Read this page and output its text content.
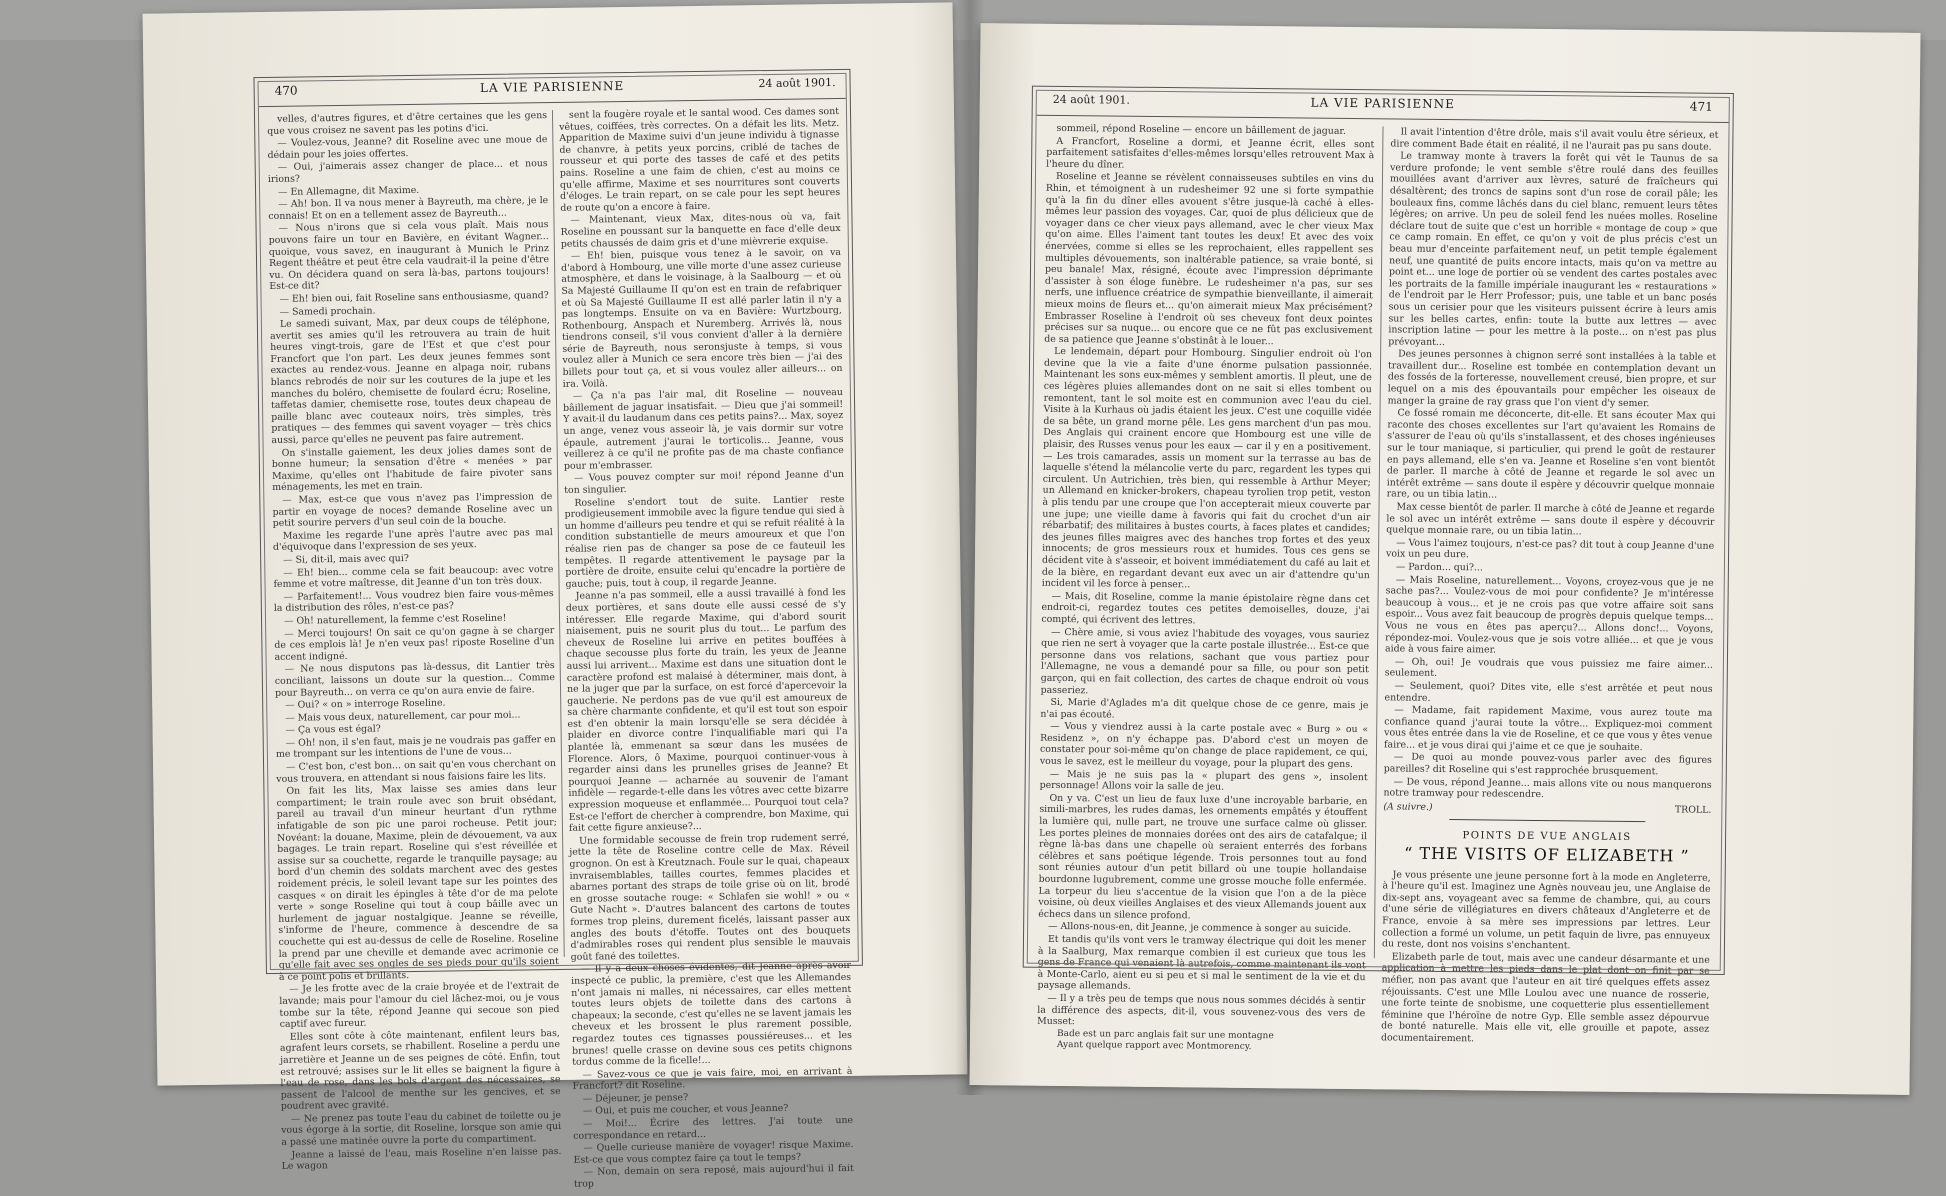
470	LA VIE PARISIENNE	24 août 1901.

velles, d'autres figures, et d'être certaines que les gens que vous croisez ne savent pas les potins d'ici.

— Voulez-vous, Jeanne? dit Roseline avec une moue de dédain pour les joies offertes.

— Oui, j'aimerais assez changer de place... et nous irions?

— En Allemagne, dit Maxime.

— Ah! bon. Il va nous mener à Bayreuth, ma chère, je le connais! Et on en a tellement assez de Bayreuth...

— Nous n'irons que si cela vous plaît. Mais nous pouvons faire un tour en Bavière, en évitant Wagner... quoique, vous savez, en inaugurant à Munich le Prinz Regent théâtre et peut être cela vaudrait-il la peine d'être vu. On décidera quand on sera là-bas, partons toujours! Est-ce dit?

— Eh! bien oui, fait Roseline sans enthousiasme, quand?

— Samedi prochain.

Le samedi suivant, Max, par deux coups de téléphone, avertit ses amies qu'il les retrouvera au train de huit heures vingt-trois, gare de l'Est et que c'est pour Francfort que l'on part. Les deux jeunes femmes sont exactes au rendez-vous. Jeanne en alpaga noir, rubans blancs rebrodés de noir sur les coutures de la jupe et les manches du boléro, chemisette de foulard écru; Roseline, taffetas damier, chemisette rose, toutes deux chapeau de paille blanc avec couteaux noirs, très simples, très pratiques — des femmes qui savent voyager — très chics aussi, parce qu'elles ne peuvent pas faire autrement.

On s'installe gaiement, les deux jolies dames sont de bonne humeur; la sensation d'être « menées » par Maxime, qu'elles ont l'habitude de faire pivoter sans ménagements, les met en train.

— Max, est-ce que vous n'avez pas l'impression de partir en voyage de noces? demande Roseline avec un petit sourire pervers d'un seul coin de la bouche.

Maxime les regarde l'une après l'autre avec pas mal d'équivoque dans l'expression de ses yeux.

— Si, dit-il, mais avec qui?

— Eh! bien... comme cela se fait beaucoup: avec votre femme et votre maîtresse, dit Jeanne d'un ton très doux.

— Parfaitement!... Vous voudrez bien faire vous-mêmes la distribution des rôles, n'est-ce pas?

— Oh! naturellement, la femme c'est Roseline!

— Merci toujours! On sait ce qu'on gagne à se charger de ces emplois là! Je n'en veux pas! riposte Roseline d'un accent indigné.

— Ne nous disputons pas là-dessus, dit Lantier très conciliant, laissons un doute sur la question... Comme pour Bayreuth... on verra ce qu'on aura envie de faire.

— Oui? « on » interroge Roseline.

— Mais vous deux, naturellement, car pour moi...

— Ça vous est égal?

— Oh! non, il s'en faut, mais je ne voudrais pas gaffer en me trompant sur les intentions de l'une de vous...

— C'est bon, c'est bon... on sait qu'en vous cherchant on vous trouvera, en attendant si nous faisions faire les lits.

On fait les lits, Max laisse ses amies dans leur compartiment; le train roule avec son bruit obsédant, pareil au travail d'un mineur heurtant d'un rythme infatigable de son pic une paroi rocheuse. Petit jour; Novéant: la douane, Maxime, plein de dévouement, va aux bagages. Le train repart. Roseline qui s'est réveillée et assise sur sa couchette, regarde le tranquille paysage; au bord d'un chemin des soldats marchent avec des gestes roidement précis, le soleil levant tape sur les pointes des casques « on dirait les épingles à tête d'or de ma pelote verte » songe Roseline qui tout à coup bâille avec un hurlement de jaguar nostalgique. Jeanne se réveille, s'informe de l'heure, commence à descendre de sa couchette qui est au-dessus de celle de Roseline. Roseline la prend par une cheville et demande avec acrimonie ce qu'elle fait avec ses ongles de ses pieds pour qu'ils soient à ce point polis et brillants.

— Je les frotte avec de la craie broyée et de l'extrait de lavande; mais pour l'amour du ciel lâchez-moi, ou je vous tombe sur la tête, répond Jeanne qui secoue son pied captif avec fureur.

Elles sont côte à côte maintenant, enfilent leurs bas, agrafent leurs corsets, se rhabillent. Roseline a perdu une jarretière et Jeanne un de ses peignes de côté. Enfin, tout est retrouvé; assises sur le lit elles se baignent la figure à l'eau de rose, dans les bols d'argent des nécessaires, se passent de l'alcool de menthe sur les gencives, et se poudrent avec gravité.

— Ne prenez pas toute l'eau du cabinet de toilette ou je vous égorge à la sortie, dit Roseline, lorsque son amie qui a passé une matinée ouvre la porte du compartiment.

Jeanne a laissé de l'eau, mais Roseline n'en laisse pas. Le wagon

sent la fougère royale et le santal wood. Ces dames sont vêtues, coiffées, très correctes. On a défait les lits. Metz. Apparition de Maxime suivi d'un jeune individu à tignasse de chanvre, à petits yeux porcins, criblé de taches de rousseur et qui porte des tasses de café et des petits pains. Roseline a une faim de chien, c'est au moins ce qu'elle affirme, Maxime et ses nourritures sont couverts d'éloges. Le train repart, on se cale pour les sept heures de route qu'on a encore à faire.

— Maintenant, vieux Max, dites-nous où va, fait Roseline en poussant sur la banquette en face d'elle deux petits chaussés de daim gris et d'une mièvrerie exquise.

— Eh! bien, puisque vous tenez à le savoir, on va d'abord à Hombourg, une ville morte d'une assez curieuse atmosphère, et dans le voisinage, à la Saalbourg — et où Sa Majesté Guillaume II qu'on est en train de refabriquer et où Sa Majesté Guillaume II est allé parler latin il n'y a pas longtemps. Ensuite on va en Bavière: Wurtzbourg, Rothenbourg, Anspach et Nuremberg. Arrivés là, nous tiendrons conseil, s'il vous convient d'aller à la dernière série de Bayreuth, nous seronsjuste à temps, si vous voulez aller à Munich ce sera encore très bien — j'ai des billets pour tout ça, et si vous voulez aller ailleurs... on ira. Voilà.

— Ça n'a pas l'air mal, dit Roseline — nouveau bâillement de jaguar insatisfait. — Dieu que j'ai sommeil! Y avait-il du laudanum dans ces petits pains?... Max, soyez un ange, venez vous asseoir là, je vais dormir sur votre épaule, autrement j'aurai le torticolis... Jeanne, vous veillerez à ce qu'il ne profite pas de ma chaste confiance pour m'embrasser.

— Vous pouvez compter sur moi! répond Jeanne d'un ton singulier.

Roseline s'endort tout de suite. Lantier reste prodigieusement immobile avec la figure tendue qui sied à un homme d'ailleurs peu tendre et qui se refuit réalité à la condition substantielle de meurs amoureux et que l'on réalise rien pas de changer sa pose de ce fauteuil les tempêtes. Il regarde attentivement le paysage par la portière de droite, ensuite celui qu'encadre la portière de gauche; puis, tout à coup, il regarde Jeanne.

Jeanne n'a pas sommeil, elle a aussi travaillé à fond les deux portières, et sans doute elle aussi cessé de s'y intéresser. Elle regarde Maxime, qui d'abord sourit niaisement, puis ne sourit plus du tout... Le parfum des cheveux de Roseline lui arrive en petites bouffées à chaque secousse plus forte du train, les yeux de Jeanne aussi lui arrivent... Maxime est dans une situation dont le caractère profond est malaisé à déterminer, mais dont, à ne la juger que par la surface, on est forcé d'apercevoir la gaucherie. Ne perdons pas de vue qu'il est amoureux de sa chère charmante confidente, et qu'il est tout son espoir est d'en obtenir la main lorsqu'elle se sera décidée à plaider en divorce contre l'inqualifiable mari qui l'a plantée là, emmenant sa sœur dans les musées de Florence. Alors, ô Maxime, pourquoi continuer-vous à regarder ainsi dans les prunelles grises de Jeanne? Et pourquoi Jeanne — acharnée au souvenir de l'amant infidèle — regarde-t-elle dans les vôtres avec cette bizarre expression moqueuse et enflammée... Pourquoi tout cela? Est-ce l'effort de chercher à comprendre, bon Maxime, qui fait cette figure anxieuse?...

Une formidable secousse de frein trop rudement serré, jette la tête de Roseline contre celle de Max. Réveil grognon. On est à Kreutznach. Foule sur le quai, chapeaux invraisemblables, tailles courtes, femmes placides et abarnes portant des straps de toile grise où on lit, brodé en grosse soutache rouge: « Schlafen sie wohl! » ou « Gute Nacht ». D'autres balancent des cartons de toutes formes trop pleins, durement ficelés, laissant passer aux angles des bouts d'étoffe. Toutes ont des bouquets d'admirables roses qui rendent plus sensible le mauvais goût fané des toilettes.

— Il y a deux choses évidentes, dit Jeanne après avoir inspecté ce public, la première, c'est que les Allemandes n'ont jamais ni malles, ni nécessaires, car elles mettent toutes leurs objets de toilette dans des cartons à chapeaux; la seconde, c'est qu'elles ne se lavent jamais les cheveux et les brossent le plus rarement possible, regardez toutes ces tignasses poussiéreuses... et les brunes! quelle crasse on devine sous ces petits chignons tordus comme de la ficelle!...

— Savez-vous ce que je vais faire, moi, en arrivant à Francfort? dit Roseline.

— Déjeuner, je pense?

— Oui, et puis me coucher, et vous Jeanne?

— Moi!... Écrire des lettres. J'ai toute une correspondance en retard...

— Quelle curieuse manière de voyager! risque Maxime. Est-ce que vous comptez faire ça tout le temps?

— Non, demain on sera reposé, mais aujourd'hui il fait trop

24 août 1901.	LA VIE PARISIENNE	471

sommeil, répond Roseline — encore un bâillement de jaguar.

A Francfort, Roseline a dormi, et Jeanne écrit, elles sont parfaitement satisfaites d'elles-mêmes lorsqu'elles retrouvent Max à l'heure du dîner.

Roseline et Jeanne se révèlent connaisseuses subtiles en vins du Rhin, et témoignent à un rudesheimer 92 une si forte sympathie qu'à la fin du dîner elles avouent s'être jusque-là caché à elles-mêmes leur passion des voyages. Car, quoi de plus délicieux que de voyager dans ce cher vieux pays allemand, avec le cher vieux Max qu'on aime. Elles l'aiment tant toutes les deux! Et avec des voix énervées, comme si elles se les reprochaient, elles rappellent ses multiples dévouements, son inaltérable patience, sa vraie bonté, si peu banale! Max, résigné, écoute avec l'impression déprimante d'assister à son éloge funèbre. Le rudesheimer n'a pas, sur ses nerfs, une influence créatrice de sympathie bienveillante, il aimerait mieux moins de fleurs et... qu'on aimerait mieux Max précisément? Embrasser Roseline à l'endroit où ses cheveux font deux pointes précises sur sa nuque... ou encore que ce ne fût pas exclusivement de sa patience que Jeanne s'obstinât à le louer...

Le lendemain, départ pour Hombourg. Singulier endroit où l'on devine que la vie a faite d'une énorme pulsation passionnée. Maintenant les sons eux-mêmes y semblent amortis. Il pleut, une de ces légères pluies allemandes dont on ne sait si elles tombent ou remontent, tant le sol moite est en communion avec l'eau du ciel. Visite à la Kurhaus où jadis étaient les jeux. C'est une coquille vidée de sa bête, un grand morne pêle. Les gens marchent d'un pas mou. Des Anglais qui crainent encore que Hombourg est une ville de plaisir, des Russes venus pour les eaux — car il y en a positivement. — Les trois camarades, assis un moment sur la terrasse au bas de laquelle s'étend la mélancolie verte du parc, regardent les types qui circulent. Un Autrichien, très bien, qui ressemble à Arthur Meyer; un Allemand en knicker-brokers, chapeau tyrolien trop petit, veston à plis tendu par une croupe que l'on accepterait mieux couverte par une jupe; une vieille dame à favoris qui fait du crochet d'un air rébarbatif; des militaires à bustes courts, à faces plates et candides; des jeunes filles maigres avec des hanches trop fortes et des yeux innocents; de gros messieurs roux et humides. Tous ces gens se décident vite à s'asseoir, et boivent immédiatement du café au lait et de la bière, en regardant devant eux avec un air d'attendre qu'un incident vil les force à penser...

— Mais, dit Roseline, comme la manie épistolaire règne dans cet endroit-ci, regardez toutes ces petites demoiselles, douze, j'ai compté, qui écrivent des lettres.

— Chère amie, si vous aviez l'habitude des voyages, vous sauriez que rien ne sert à voyager que la carte postale illustrée... Est-ce que personne dans vos relations, sachant que vous partiez pour l'Allemagne, ne vous a demandé pour sa fille, ou pour son petit garçon, qui en fait collection, des cartes de chaque endroit où vous passeriez.

Si, Marie d'Aglades m'a dit quelque chose de ce genre, mais je n'ai pas écouté.

— Vous y viendrez aussi à la carte postale avec « Burg » ou « Residenz », on n'y échappe pas. D'abord c'est un moyen de constater pour soi-même qu'on change de place rapidement, ce qui, vous le savez, est le meilleur du voyage, pour la plupart des gens.

— Mais je ne suis pas la « plupart des gens », insolent personnage! Allons voir la salle de jeu.

On y va. C'est un lieu de faux luxe d'une incroyable barbarie, en simili-marbres, les rudes damas, les ornements empâtés y étouffent la lumière qui, nulle part, ne trouve une surface calme où glisser. Les portes pleines de monnaies dorées ont des airs de catafalque; il règne là-bas dans une chapelle où seraient enterrés des forbans célèbres et sans poétique légende. Trois personnes tout au fond sont réunies autour d'un petit billard où une toupie hollandaise bourdonne lugubrement, comme une grosse mouche folle enfermée. La torpeur du lieu s'accentue de la vision que l'on a de la pièce voisine, où deux vieilles Anglaises et des vieux Allemands jouent aux échecs dans un silence profond.

— Allons-nous-en, dit Jeanne, je commence à songer au suicide.

Et tandis qu'ils vont vers le tramway électrique qui doit les mener à la Saalburg, Max remarque combien il est curieux que tous les gens de France qui venaient là autrefois, comme maintenant ils vont à Monte-Carlo, aient eu si peu et si mal le sentiment de la vie et du paysage allemands.

— Il y a très peu de temps que nous nous sommes décidés à sentir la différence des aspects, dit-il, vous souvenez-vous des vers de Musset:

Bade est un parc anglais fait sur une montagne
Ayant quelque rapport avec Montmorency.

Il avait l'intention d'être drôle, mais s'il avait voulu être sérieux, et dire comment Bade était en réalité, il ne l'aurait pas pu sans doute.

Le tramway monte à travers la forêt qui vêt le Taunus de sa verdure profonde; le vent semble s'être roulé dans des feuilles mouillées avant d'arriver aux lèvres, saturé de fraîcheurs qui désaltèrent; des troncs de sapins sont d'un rose de corail pâle; les bouleaux fins, comme lâchés dans du ciel blanc, remuent leurs têtes légères; on arrive. Un peu de soleil fend les nuées molles. Roseline déclare tout de suite que c'est un horrible « montage de coup » que ce camp romain. En effet, ce qu'on y voit de plus précis c'est un beau mur d'enceinte parfaitement neuf, un petit temple également neuf, une quantité de puits encore intacts, mais qu'on va mettre au point et... une loge de portier où se vendent des cartes postales avec les portraits de la famille impériale inaugurant les « restaurations » de l'endroit par le Herr Professor; puis, une table et un banc posés sous un cerisier pour que les visiteurs puissent écrire à leurs amis sur les belles cartes, enfin: toute la butte aux lettres — avec inscription latine — pour les mettre à la poste... on n'est pas plus prévoyant...

Des jeunes personnes à chignon serré sont installées à la table et travaillent dur... Roseline est tombée en contemplation devant un des fossés de la forteresse, nouvellement creusé, bien propre, et sur lequel on a mis des épouvantails pour empêcher les oiseaux de manger la graine de ray grass que l'on vient d'y semer.

Ce fossé romain me déconcerte, dit-elle. Et sans écouter Max qui raconte des choses excellentes sur l'art qu'avaient les Romains de s'assurer de l'eau où qu'ils s'installassent, et des choses ingénieuses sur le tour maniaque, si particulier, qui prend le goût de restaurer en pays allemand, elle s'en va. Jeanne et Roseline s'en vont bientôt de parler. Il marche à côté de Jeanne et regarde le sol avec un intérêt extrême — sans doute il espère y découvrir quelque monnaie rare, ou un tibia latin...

Max cesse bientôt de parler. Il marche à côté de Jeanne et regarde le sol avec un intérêt extrême — sans doute il espère y découvrir quelque monnaie rare, ou un tibia latin...

— Vous l'aimez toujours, n'est-ce pas? dit tout à coup Jeanne d'une voix un peu dure.

— Pardon... qui?...

— Mais Roseline, naturellement... Voyons, croyez-vous que je ne sache pas?... Voulez-vous de moi pour confidente? Je m'intéresse beaucoup à vous... et je ne crois pas que votre affaire soit sans espoir... Vous avez fait beaucoup de progrès depuis quelque temps... Vous ne vous en êtes pas aperçu?... Allons donc!... Voyons, répondez-moi. Voulez-vous que je sois votre alliée... et que je vous aide à vous faire aimer.

— Oh, oui! Je voudrais que vous puissiez me faire aimer... seulement.

— Seulement, quoi? Dites vite, elle s'est arrêtée et peut nous entendre.

— Madame, fait rapidement Maxime, vous aurez toute ma confiance quand j'aurai toute la vôtre... Expliquez-moi comment vous êtes entrée dans la vie de Roseline, et ce que vous y êtes venue faire... et je vous dirai qui j'aime et ce que je souhaite.

— De quoi au monde pouvez-vous parler avec des figures pareilles? dit Roseline qui s'est rapprochée brusquement.

— De vous, répond Jeanne... mais allons vite ou nous manquerons notre tramway pour redescendre.

(A suivre.)	TROLL.
POINTS DE VUE ANGLAIS
“ THE VISITS OF ELIZABETH ”

Je vous présente une jeune personne fort à la mode en Angleterre, à l'heure qu'il est. Imaginez une Agnès nouveau jeu, une Anglaise de dix-sept ans, voyageant avec sa femme de chambre, qui, au cours d'une série de villégiatures en divers châteaux d'Angleterre et de France, envoie à sa mère ses impressions par lettres. Leur collection a formé un volume, un petit faquin de livre, pas ennuyeux du reste, dont nos voisins s'enchantent.

Elizabeth parle de tout, mais avec une candeur désarmante et une application à mettre les pieds dans le plat dont on finit par se méfier, non pas avant que l'auteur en ait tiré quelques effets assez réjouissants. C'est une Mlle Loulou avec une nuance de rosserie, une forte teinte de snobisme, une coquetterie plus essentiellement féminine que l'héroïne de notre Gyp. Elle semble assez dépourvue de bonté naturelle. Mais elle vit, elle grouille et papote, assez documentairement.
